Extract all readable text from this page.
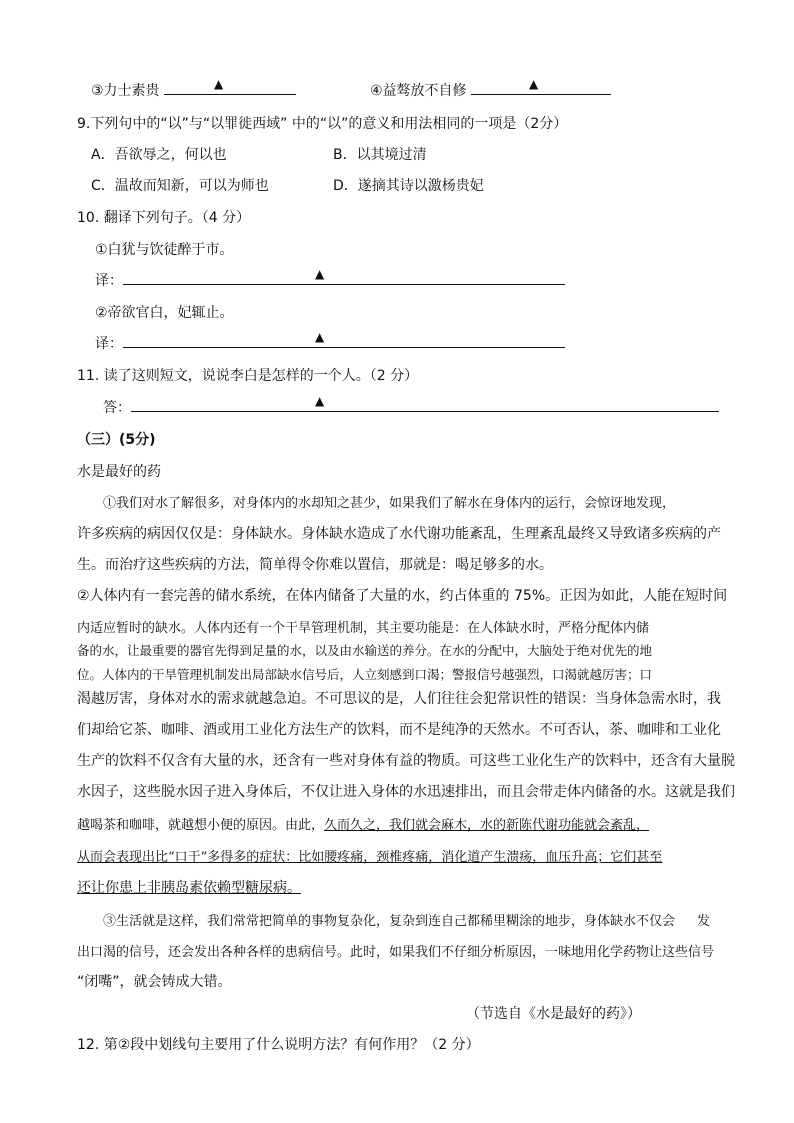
③力士素贵	▲	④益骜放不自修	▲
9.下列句中的“以”与“以罪徙西域” 中的“以”的意义和用法相同的一项是（2分）
A．吾欲辱之，何以也	B．以其境过清
C．温故而知新，可以为师也	D．遂摘其诗以激杨贵妃
10. 翻译下列句子。（4 分）
①白犹与饮徒醉于市。
译：	▲
②帝欲官白，妃辄止。
译：	▲
11. 读了这则短文，说说李白是怎样的一个人。（2 分）
答：	▲
（三）(5分)
水是最好的药
①我们对水了解很多，对身体内的水却知之甚少，如果我们了解水在身体内的运行，会惊讶地发现，
许多疾病的病因仅仅是：身体缺水。身体缺水造成了水代谢功能紊乱，生理紊乱最终又导致诸多疾病的产
生。而治疗这些疾病的方法，简单得令你难以置信，那就是：喝足够多的水。
②人体内有一套完善的储水系统，在体内储备了大量的水，约占体重的 75%。正因为如此，人能在短时间
内适应暂时的缺水。人体内还有一个干旱管理机制，其主要功能是：在人体缺水时，严格分配体内储
备的水，让最重要的器官先得到足量的水，以及由水输送的养分。在水的分配中，大脑处于绝对优先的地
位。人体内的干旱管理机制发出局部缺水信号后，人立刻感到口渴；警报信号越强烈，口渴就越厉害；口
渴越厉害，身体对水的需求就越急迫。不可思议的是，人们往往会犯常识性的错误：当身体急需水时，我
们却给它茶、咖啡、酒或用工业化方法生产的饮料，而不是纯净的天然水。不可否认，茶、咖啡和工业化
生产的饮料不仅含有大量的水，还含有一些对身体有益的物质。可这些工业化生产的饮料中，还含有大量脱
水因子，这些脱水因子进入身体后，不仅让进入身体的水迅速排出，而且会带走体内储备的水。这就是我们
越喝茶和咖啡，就越想小便的原因。由此，久而久之，我们就会麻木，水的新陈代谢功能就会紊乱，
从而会表现出比“口干”多得多的症状：比如腰疼痛，颈椎疼痛，消化道产生溃疡，血压升高；它们甚至
还让你患上非胰岛素依赖型糖尿病。
③生活就是这样，我们常常把简单的事物复杂化，复杂到连自己都稀里糊涂的地步，身体缺水不仅会 发
出口渴的信号，还会发出各种各样的患病信号。此时，如果我们不仔细分析原因，一味地用化学药物让这些信号
“闭嘴”，就会铸成大错。
（节选自《水是最好的药》）
12. 第②段中划线句主要用了什么说明方法？有何作用？（2 分）
